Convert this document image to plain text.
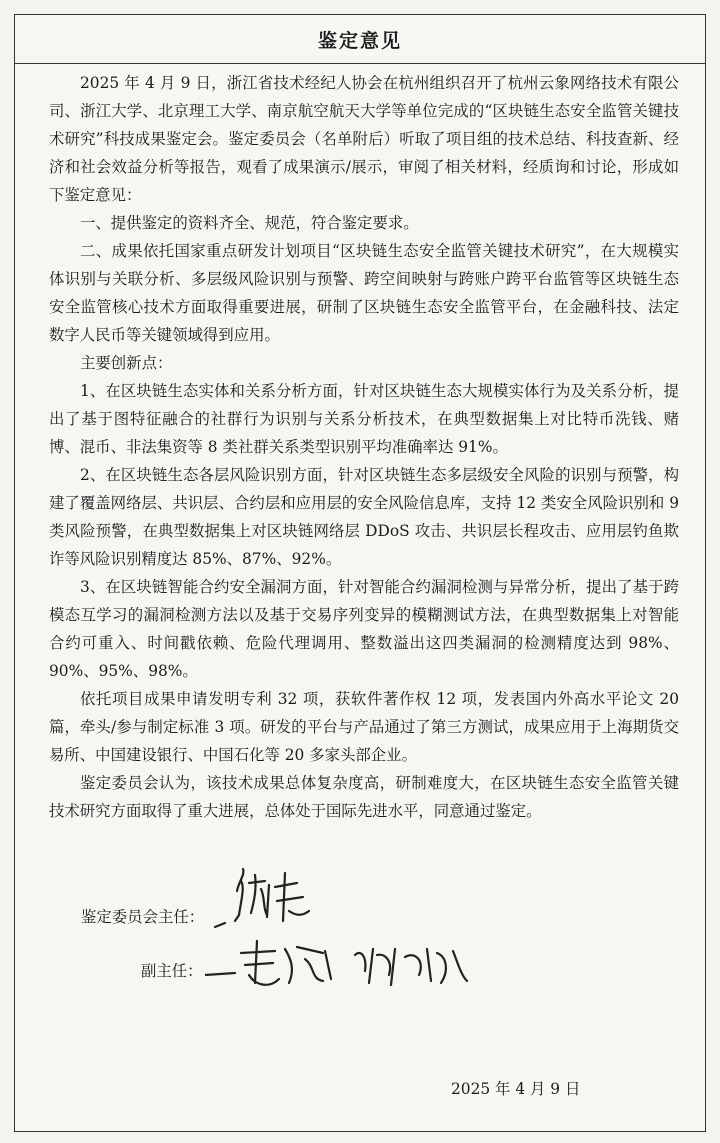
鉴定意见

2025 年 4 月 9 日，浙江省技术经纪人协会在杭州组织召开了杭州云象网络技术有限公司、浙江大学、北京理工大学、南京航空航天大学等单位完成的“区块链生态安全监管关键技术研究”科技成果鉴定会。鉴定委员会（名单附后）听取了项目组的技术总结、科技查新、经济和社会效益分析等报告，观看了成果演示/展示，审阅了相关材料，经质询和讨论，形成如下鉴定意见：

一、提供鉴定的资料齐全、规范，符合鉴定要求。

二、成果依托国家重点研发计划项目“区块链生态安全监管关键技术研究”，在大规模实体识别与关联分析、多层级风险识别与预警、跨空间映射与跨账户跨平台监管等区块链生态安全监管核心技术方面取得重要进展，研制了区块链生态安全监管平台，在金融科技、法定数字人民币等关键领域得到应用。

主要创新点：

1、在区块链生态实体和关系分析方面，针对区块链生态大规模实体行为及关系分析，提出了基于图特征融合的社群行为识别与关系分析技术，在典型数据集上对比特币洗钱、赌博、混币、非法集资等 8 类社群关系类型识别平均准确率达 91%。

2、在区块链生态各层风险识别方面，针对区块链生态多层级安全风险的识别与预警，构建了覆盖网络层、共识层、合约层和应用层的安全风险信息库，支持 12 类安全风险识别和 9 类风险预警，在典型数据集上对区块链网络层 DDoS 攻击、共识层长程攻击、应用层钓鱼欺诈等风险识别精度达 85%、87%、92%。

3、在区块链智能合约安全漏洞方面，针对智能合约漏洞检测与异常分析，提出了基于跨模态互学习的漏洞检测方法以及基于交易序列变异的模糊测试方法，在典型数据集上对智能合约可重入、时间戳依赖、危险代理调用、整数溢出这四类漏洞的检测精度达到 98%、90%、95%、98%。

依托项目成果申请发明专利 32 项，获软件著作权 12 项，发表国内外高水平论文 20 篇，牵头/参与制定标准 3 项。研发的平台与产品通过了第三方测试，成果应用于上海期货交易所、中国建设银行、中国石化等 20 多家头部企业。

鉴定委员会认为，该技术成果总体复杂度高，研制难度大，在区块链生态安全监管关键技术研究方面取得了重大进展，总体处于国际先进水平，同意通过鉴定。

鉴定委员会主任：
副主任：
2025 年 4 月 9 日
